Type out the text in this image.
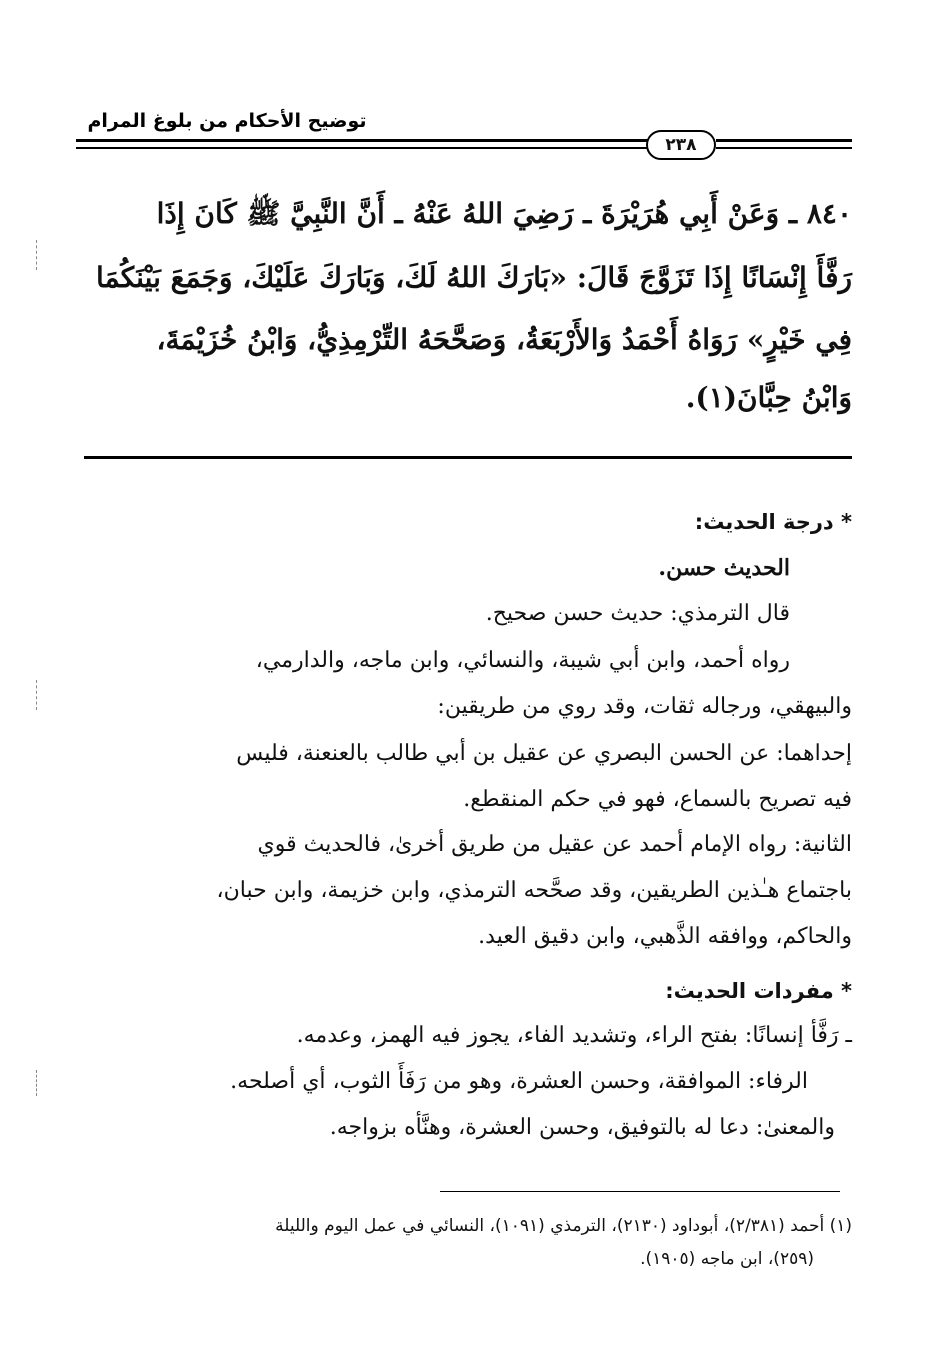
توضيح الأحكام من بلوغ المرام
٢٣٨
٨٤٠ ـ وَعَنْ أَبِي هُرَيْرَةَ ـ رَضِيَ اللهُ عَنْهُ ـ أَنَّ النَّبِيَّ ﷺ كَانَ إِذَا
رَفَّأَ إِنْسَانًا إِذَا تَزَوَّجَ قَالَ: «بَارَكَ اللهُ لَكَ، وَبَارَكَ عَلَيْكَ، وَجَمَعَ بَيْنَكُمَا
فِي خَيْرٍ» رَوَاهُ أَحْمَدُ وَالأَرْبَعَةُ، وَصَحَّحَهُ التِّرْمِذِيُّ، وَابْنُ خُزَيْمَةَ،
وَابْنُ حِبَّانَ(١).
* درجة الحديث:
الحديث حسن.
قال الترمذي: حديث حسن صحيح.
رواه أحمد، وابن أبي شيبة، والنسائي، وابن ماجه، والدارمي،
والبيهقي، ورجاله ثقات، وقد روي من طريقين:
إحداهما: عن الحسن البصري عن عقيل بن أبي طالب بالعنعنة، فليس
فيه تصريح بالسماع، فهو في حكم المنقطع.
الثانية: رواه الإمام أحمد عن عقيل من طريق أخرىٰ، فالحديث قوي
باجتماع هـٰذين الطريقين، وقد صحَّحه الترمذي، وابن خزيمة، وابن حبان،
والحاكم، ووافقه الذَّهبي، وابن دقيق العيد.
* مفردات الحديث:
ـ رَفَّأ إنسانًا: بفتح الراء، وتشديد الفاء، يجوز فيه الهمز، وعدمه.
الرفاء: الموافقة، وحسن العشرة، وهو من رَفَأَ الثوب، أي أصلحه.
والمعنىٰ: دعا له بالتوفيق، وحسن العشرة، وهنَّأه بزواجه.
(١) أحمد (٢/٣٨١)، أبوداود (٢١٣٠)، الترمذي (١٠٩١)، النسائي في عمل اليوم والليلة
(٢٥٩)، ابن ماجه (١٩٠٥).
